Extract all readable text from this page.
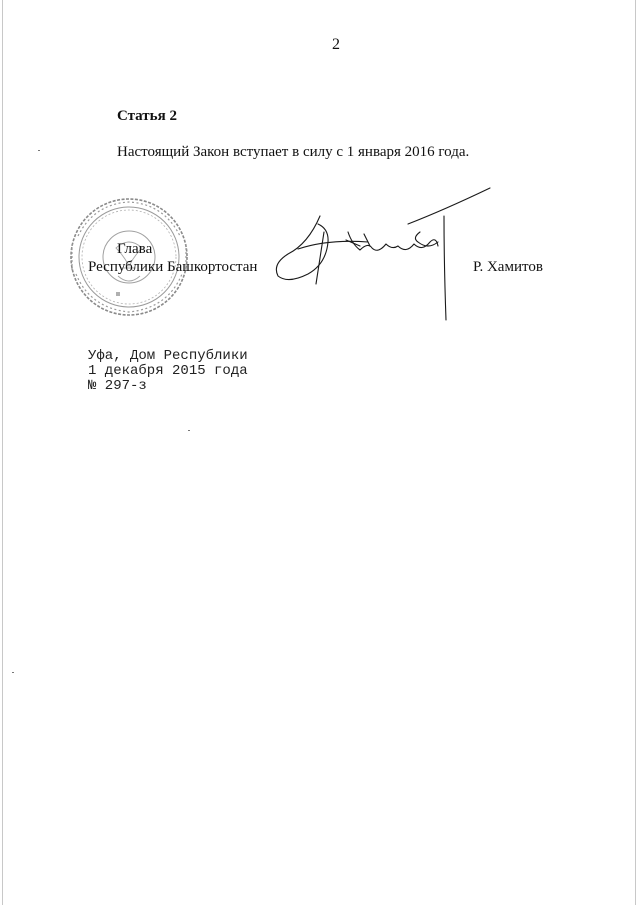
2
Статья 2
Настоящий Закон вступает в силу с 1 января 2016 года.
Глава
Республики Башкортостан	Р. Хамитов
Уфа, Дом Республики
1 декабря 2015 года
№ 297-з
